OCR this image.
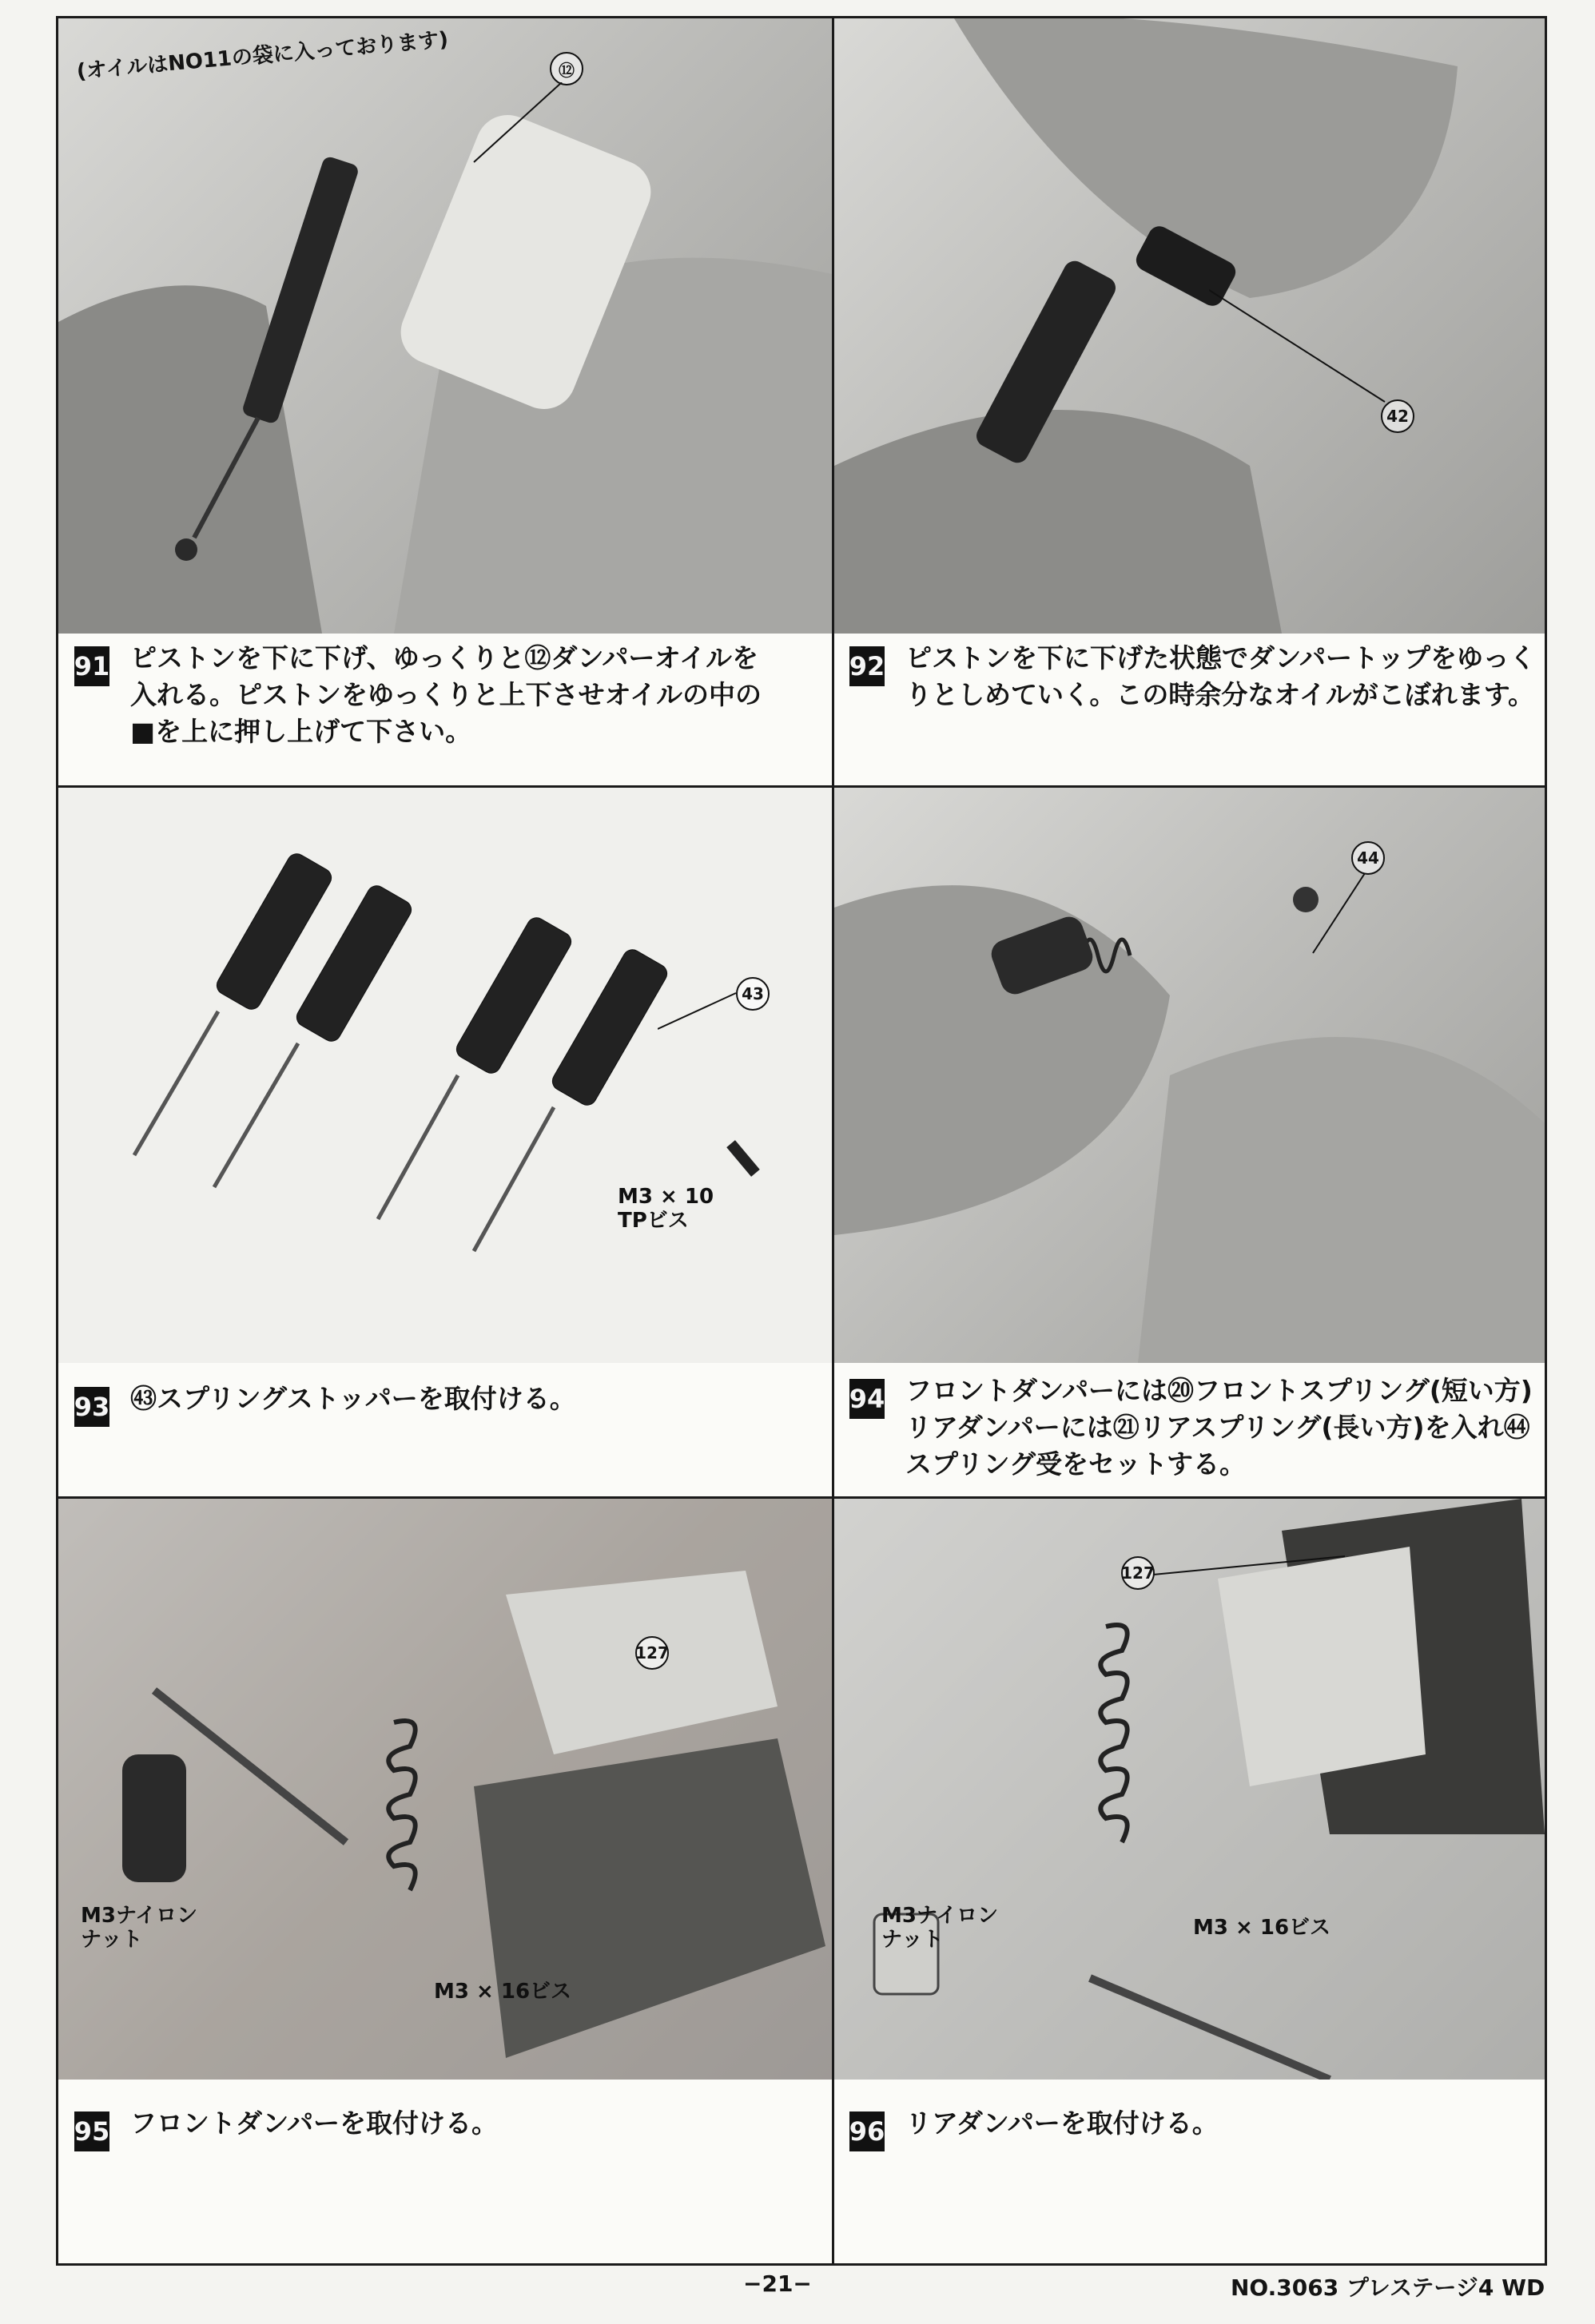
(オイルはNO11の袋に入っております)	⑫
91 ピストンを下に下げ、ゆっくりと⑫ダンパーオイルを
入れる。ピストンをゆっくりと上下させオイルの中の
■を上に押し上げて下さい。
42
92 ピストンを下に下げた状態でダンパートップをゆっく
りとしめていく。この時余分なオイルがこぼれます。
43
M3 × 10
TPビス
93 ㊸スプリングストッパーを取付ける。
44
94 フロントダンパーには⑳フロントスプリング(短い方)
リアダンパーには㉑リアスプリング(長い方)を入れ㊹
スプリング受をセットする。
127
M3ナイロン
ナット
M3 × 16ビス
95 フロントダンパーを取付ける。
127
M3ナイロン
ナット	M3 × 16ビス
96 リアダンパーを取付ける。
−21−	NO.3063 プレステージ4 WD
